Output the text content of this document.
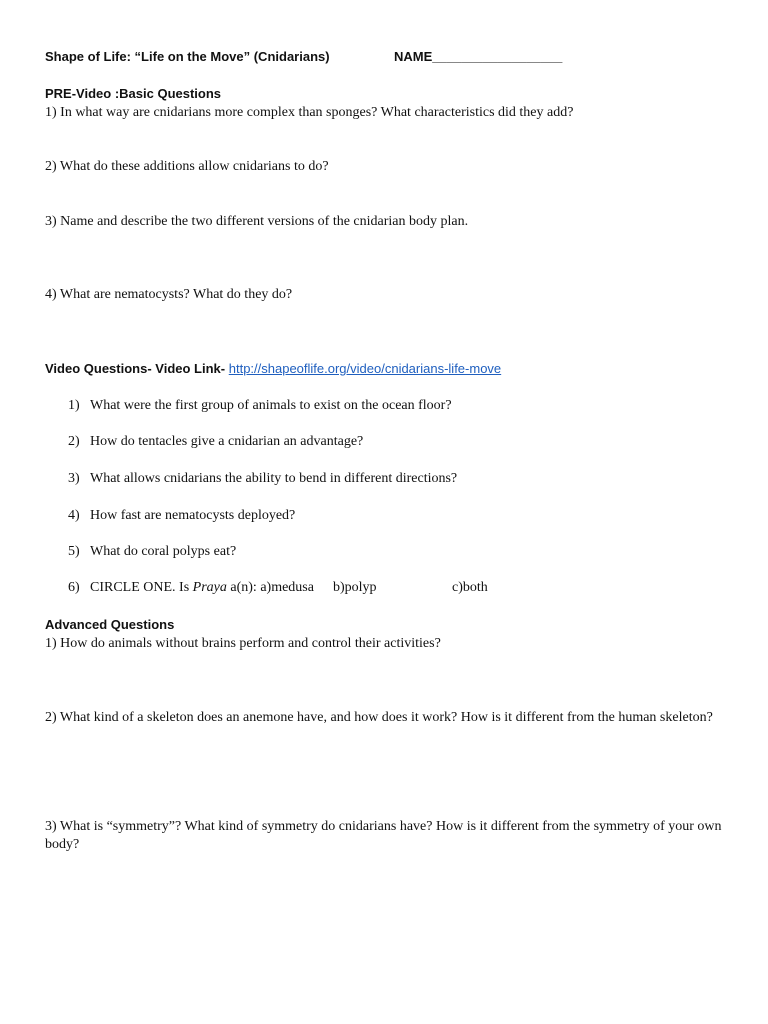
Shape of Life: “Life on the Move” (Cnidarians)	NAME__________________
PRE-Video :Basic Questions
1) In what way are cnidarians more complex than sponges? What characteristics did they add?
2) What do these additions allow cnidarians to do?
3) Name and describe the two different versions of the cnidarian body plan.
4) What are nematocysts? What do they do?
Video Questions- Video Link- http://shapeoflife.org/video/cnidarians-life-move
1) What were the first group of animals to exist on the ocean floor?
2) How do tentacles give a cnidarian an advantage?
3) What allows cnidarians the ability to bend in different directions?
4) How fast are nematocysts deployed?
5) What do coral polyps eat?
6) CIRCLE ONE. Is Praya a(n): a)medusa b)polyp	c)both
Advanced Questions
1) How do animals without brains perform and control their activities?
2) What kind of a skeleton does an anemone have, and how does it work? How is it different from the human skeleton?
3) What is “symmetry”? What kind of symmetry do cnidarians have? How is it different from the symmetry of your own body?
